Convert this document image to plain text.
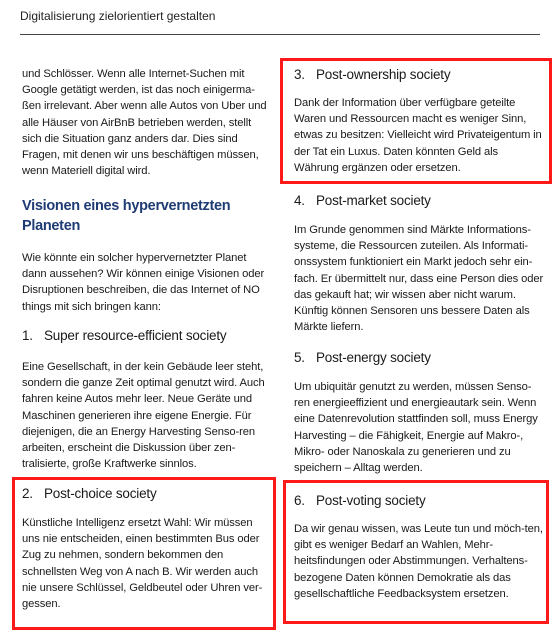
Digitalisierung zielorientiert gestalten

und Schlösser. Wenn alle Internet-Suchen mit Google getätigt werden, ist das noch einigerma-ßen irrelevant. Aber wenn alle Autos von Uber und alle Häuser von AirBnB betrieben werden, stellt sich die Situation ganz anders dar. Dies sind Fragen, mit denen wir uns beschäftigen müssen, wenn Materiell digital wird.

Visionen eines hypervernetzten Planeten

Wie könnte ein solcher hypervernetzter Planet dann aussehen? Wir können einige Visionen oder Disruptionen beschreiben, die das Internet of NO things mit sich bringen kann:

1. Super resource-efficient society

Eine Gesellschaft, in der kein Gebäude leer steht, sondern die ganze Zeit optimal genutzt wird. Auch fahren keine Autos mehr leer. Neue Geräte und Maschinen generieren ihre eigene Energie. Für diejenigen, die an Energy Harvesting Senso-ren arbeiten, erscheint die Diskussion über zen-tralisierte, große Kraftwerke sinnlos.

2. Post-choice society

Künstliche Intelligenz ersetzt Wahl: Wir müssen uns nie entscheiden, einen bestimmten Bus oder Zug zu nehmen, sondern bekommen den schnellsten Weg von A nach B. Wir werden auch nie unsere Schlüssel, Geldbeutel oder Uhren ver-gessen.

3. Post-ownership society

Dank der Information über verfügbare geteilte Waren und Ressourcen macht es weniger Sinn, etwas zu besitzen: Vielleicht wird Privateigentum in der Tat ein Luxus. Daten könnten Geld als Währung ergänzen oder ersetzen.

4. Post-market society

Im Grunde genommen sind Märkte Informations-systeme, die Ressourcen zuteilen. Als Informati-onssystem funktioniert ein Markt jedoch sehr ein-fach. Er übermittelt nur, dass eine Person dies oder das gekauft hat; wir wissen aber nicht warum. Künftig können Sensoren uns bessere Daten als Märkte liefern.

5. Post-energy society

Um ubiquitär genutzt zu werden, müssen Senso-ren energieeffizient und energieautark sein. Wenn eine Datenrevolution stattfinden soll, muss Energy Harvesting – die Fähigkeit, Energie auf Makro-, Mikro- oder Nanoskala zu generieren und zu speichern – Alltag werden.

6. Post-voting society

Da wir genau wissen, was Leute tun und möch-ten, gibt es weniger Bedarf an Wahlen, Mehr-heitsfindungen oder Abstimmungen. Verhaltens-bezogene Daten können Demokratie als das gesellschaftliche Feedbacksystem ersetzen.
